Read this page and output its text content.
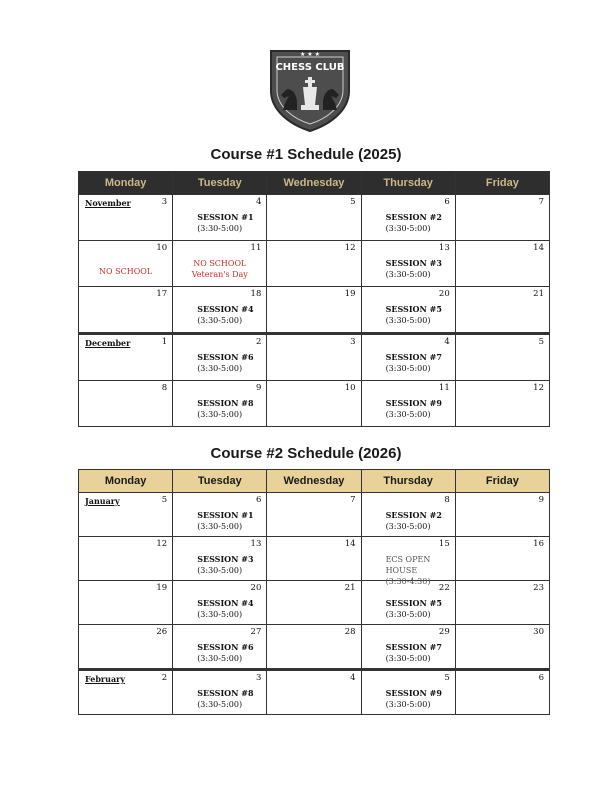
★ ★ ★
CHESS CLUB
Course #1 Schedule (2025)
Monday	Tuesday	Wednesday	Thursday	Friday

3
November	4
SESSION #1
(3:30-5:00)	5	6
SESSION #2
(3:30-5:00)	7

10
NO SCHOOL	11
NO SCHOOL
Veteran's Day	12	13
SESSION #3
(3:30-5:00)	14

17	18
SESSION #4
(3:30-5:00)	19	20
SESSION #5
(3:30-5:00)	21

1
December	2
SESSION #6
(3:30-5:00)	3	4
SESSION #7
(3:30-5:00)	5

8	9
SESSION #8
(3:30-5:00)	10	11
SESSION #9
(3:30-5:00)	12
Course #2 Schedule (2026)
Monday	Tuesday	Wednesday	Thursday	Friday

5
January	6
SESSION #1
(3:30-5:00)	7	8
SESSION #2
(3:30-5:00)	9

12	13
SESSION #3
(3:30-5:00)	14	15
ECS OPEN HOUSE
(3:30-4:30)	16

19	20
SESSION #4
(3:30-5:00)	21	22
SESSION #5
(3:30-5:00)	23

26	27
SESSION #6
(3:30-5:00)	28	29
SESSION #7
(3:30-5:00)	30

2
February	3
SESSION #8
(3:30-5:00)	4	5
SESSION #9
(3:30-5:00)	6
